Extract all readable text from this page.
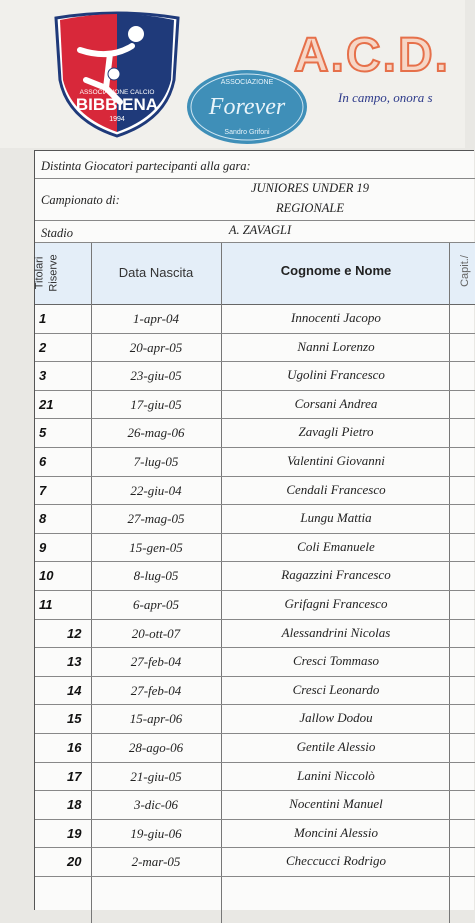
ASSOCIAZIONE CALCIO
BIBBIENA
1994
ASSOCIAZIONE
Forever
Sandro Grifoni
A.C.D.
In campo, onora s
Distinta Giocatori partecipanti alla gara:
Campionato di:
JUNIORES UNDER 19
REGIONALE
Stadio	A. ZAVAGLI
Titolari Riserve	Data Nascita	Cognome e Nome	Capit./
1	1-apr-04	Innocenti Jacopo
2	20-apr-05	Nanni Lorenzo
3	23-giu-05	Ugolini Francesco
21	17-giu-05	Corsani Andrea
5	26-mag-06	Zavagli Pietro
6	7-lug-05	Valentini Giovanni
7	22-giu-04	Cendali Francesco
8	27-mag-05	Lungu Mattia
9	15-gen-05	Coli Emanuele
10	8-lug-05	Ragazzini Francesco
11	6-apr-05	Grifagni Francesco
12	20-ott-07	Alessandrini Nicolas
13	27-feb-04	Cresci Tommaso
14	27-feb-04	Cresci Leonardo
15	15-apr-06	Jallow Dodou
16	28-ago-06	Gentile Alessio
17	21-giu-05	Lanini Niccolò
18	3-dic-06	Nocentini Manuel
19	19-giu-06	Moncini Alessio
20	2-mar-05	Checcucci Rodrigo
